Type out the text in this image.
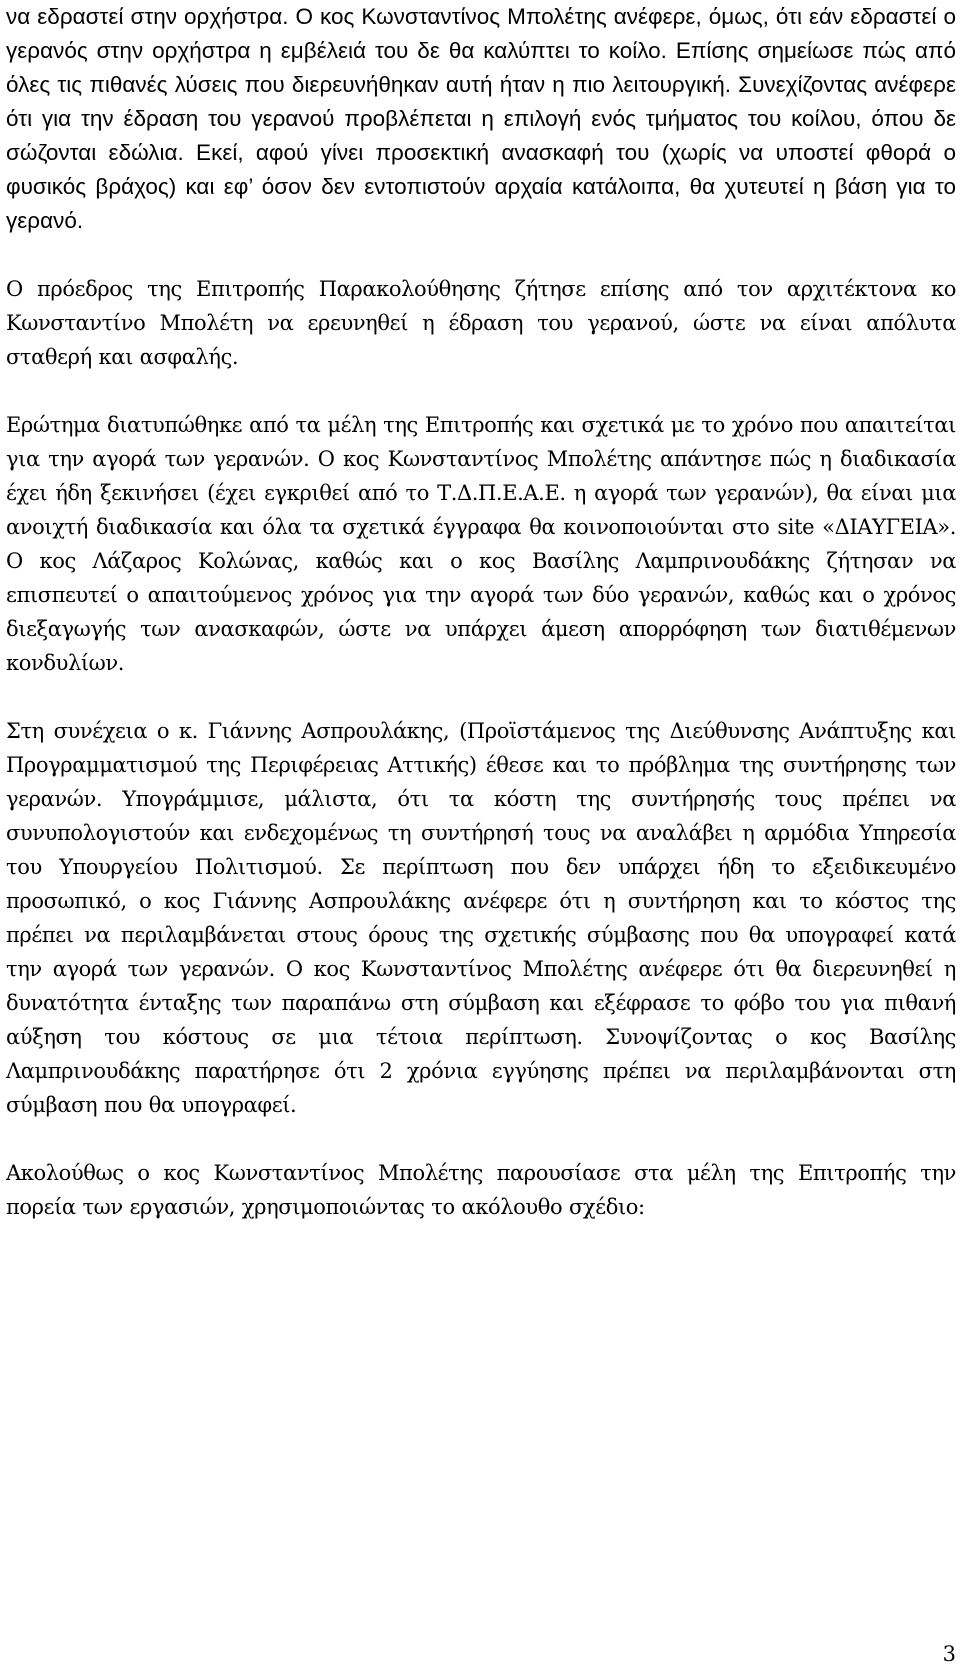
να εδραστεί στην ορχήστρα. Ο κος Κωνσταντίνος Μπολέτης ανέφερε, όμως, ότι εάν εδραστεί ο γερανός στην ορχήστρα η εμβέλειά του δε θα καλύπτει το κοίλο. Επίσης σημείωσε πώς από όλες τις πιθανές λύσεις που διερευνήθηκαν αυτή ήταν η πιο λειτουργική. Συνεχίζοντας ανέφερε ότι για την έδραση του γερανού προβλέπεται η επιλογή ενός τμήματος του κοίλου, όπου δε σώζονται εδώλια. Εκεί, αφού γίνει προσεκτική ανασκαφή του (χωρίς να υποστεί φθορά ο φυσικός βράχος) και εφ’ όσον δεν εντοπιστούν αρχαία κατάλοιπα, θα χυτευτεί η βάση για το γερανό.

Ο πρόεδρος της Επιτροπής Παρακολούθησης ζήτησε επίσης από τον αρχιτέκτονα κο Κωνσταντίνο Μπολέτη να ερευνηθεί η έδραση του γερανού, ώστε να είναι απόλυτα σταθερή και ασφαλής.

Ερώτημα διατυπώθηκε από τα μέλη της Επιτροπής και σχετικά με το χρόνο που απαιτείται για την αγορά των γερανών. Ο κος Κωνσταντίνος Μπολέτης απάντησε πώς η διαδικασία έχει ήδη ξεκινήσει (έχει εγκριθεί από το Τ.Δ.Π.Ε.Α.Ε. η αγορά των γερανών), θα είναι μια ανοιχτή διαδικασία και όλα τα σχετικά έγγραφα θα κοινοποιούνται στο site «ΔΙΑΥΓΕΙΑ». Ο κος Λάζαρος Κολώνας, καθώς και ο κος Βασίλης Λαμπρινουδάκης ζήτησαν να επισπευτεί ο απαιτούμενος χρόνος για την αγορά των δύο γερανών, καθώς και ο χρόνος διεξαγωγής των ανασκαφών, ώστε να υπάρχει άμεση απορρόφηση των διατιθέμενων κονδυλίων.

Στη συνέχεια ο κ. Γιάννης Ασπρουλάκης, (Προϊστάμενος της Διεύθυνσης Ανάπτυξης και Προγραμματισμού της Περιφέρειας Αττικής) έθεσε και το πρόβλημα της συντήρησης των γερανών. Υπογράμμισε, μάλιστα, ότι τα κόστη της συντήρησής τους πρέπει να συνυπολογιστούν και ενδεχομένως τη συντήρησή τους να αναλάβει η αρμόδια Υπηρεσία του Υπουργείου Πολιτισμού. Σε περίπτωση που δεν υπάρχει ήδη το εξειδικευμένο προσωπικό, ο κος Γιάννης Ασπρουλάκης ανέφερε ότι η συντήρηση και το κόστος της πρέπει να περιλαμβάνεται στους όρους της σχετικής σύμβασης που θα υπογραφεί κατά την αγορά των γερανών. Ο κος Κωνσταντίνος Μπολέτης ανέφερε ότι θα διερευνηθεί η δυνατότητα ένταξης των παραπάνω στη σύμβαση και εξέφρασε το φόβο του για πιθανή αύξηση του κόστους σε μια τέτοια περίπτωση. Συνοψίζοντας ο κος Βασίλης Λαμπρινουδάκης παρατήρησε ότι 2 χρόνια εγγύησης πρέπει να περιλαμβάνονται στη σύμβαση που θα υπογραφεί.

Ακολούθως ο κος Κωνσταντίνος Μπολέτης παρουσίασε στα μέλη της Επιτροπής την πορεία των εργασιών, χρησιμοποιώντας το ακόλουθο σχέδιο:

3
